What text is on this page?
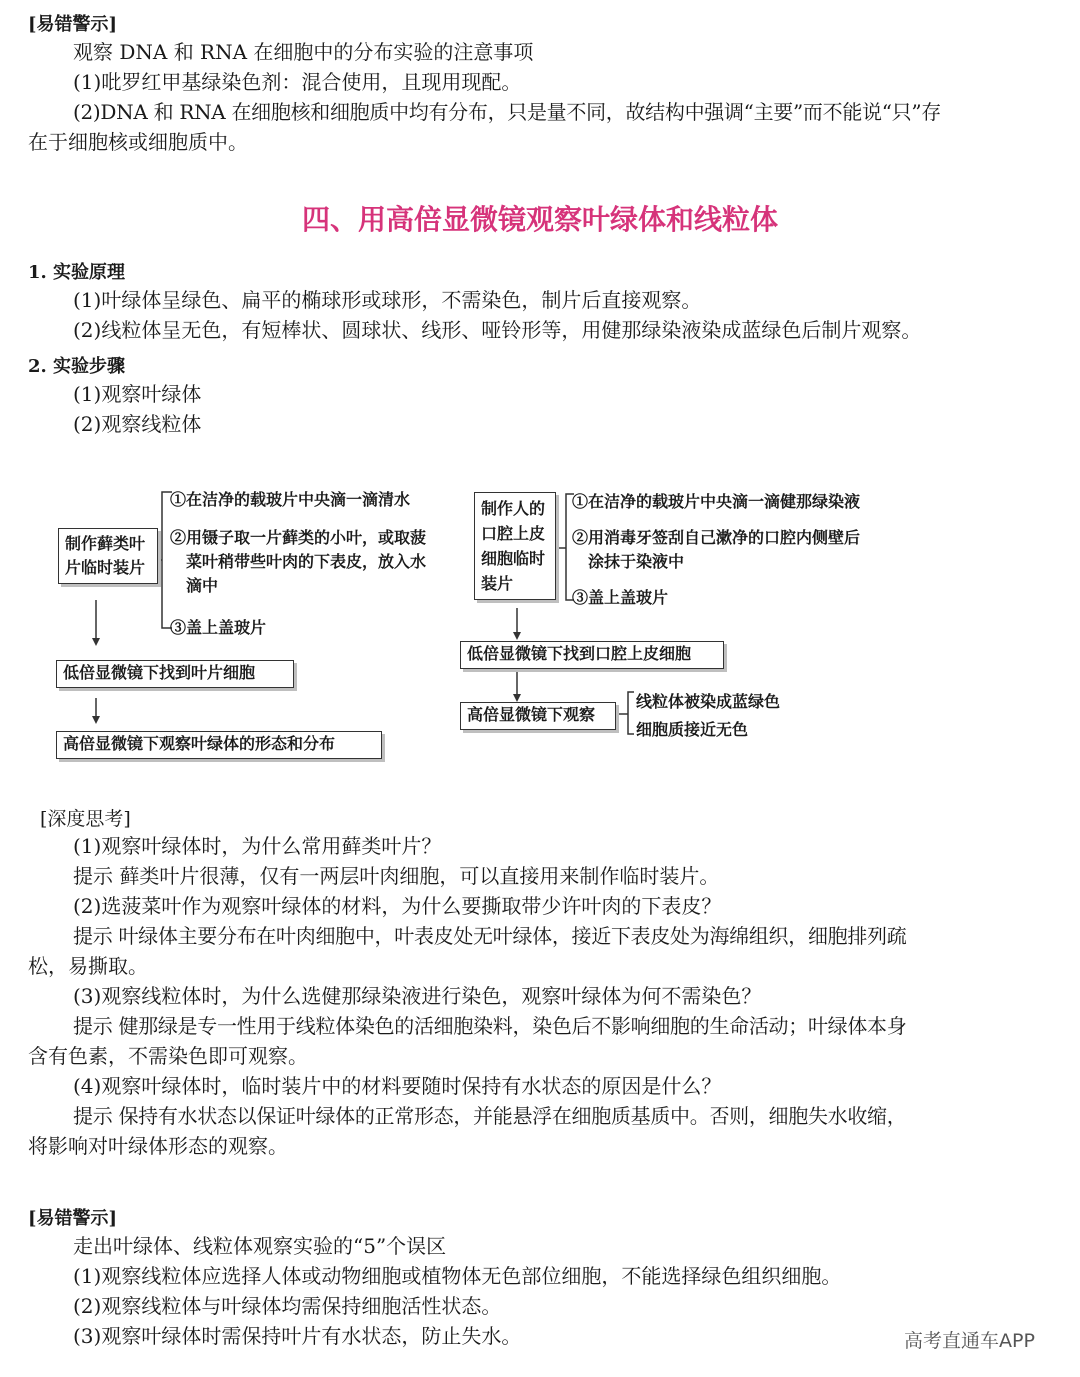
[易错警示]
观察 DNA 和 RNA 在细胞中的分布实验的注意事项
(1)吡罗红甲基绿染色剂：混合使用，且现用现配。
(2)DNA 和 RNA 在细胞核和细胞质中均有分布，只是量不同，故结构中强调“主要”而不能说“只”存
在于细胞核或细胞质中。
四、用高倍显微镜观察叶绿体和线粒体
1. 实验原理
(1)叶绿体呈绿色、扁平的椭球形或球形，不需染色，制片后直接观察。
(2)线粒体呈无色，有短棒状、圆球状、线形、哑铃形等，用健那绿染液染成蓝绿色后制片观察。
2. 实验步骤
(1)观察叶绿体
(2)观察线粒体
制作藓类叶
片临时装片
①在洁净的载玻片中央滴一滴清水
②用镊子取一片藓类的小叶，或取菠
菜叶稍带些叶肉的下表皮，放入水
滴中
③盖上盖玻片
低倍显微镜下找到叶片细胞
高倍显微镜下观察叶绿体的形态和分布
制作人的
口腔上皮
细胞临时
装片
①在洁净的载玻片中央滴一滴健那绿染液
②用消毒牙签刮自己漱净的口腔内侧壁后
涂抹于染液中
③盖上盖玻片
低倍显微镜下找到口腔上皮细胞
高倍显微镜下观察
线粒体被染成蓝绿色
细胞质接近无色
[深度思考]
(1)观察叶绿体时，为什么常用藓类叶片？
提示 藓类叶片很薄，仅有一两层叶肉细胞，可以直接用来制作临时装片。
(2)选菠菜叶作为观察叶绿体的材料，为什么要撕取带少许叶肉的下表皮？
提示 叶绿体主要分布在叶肉细胞中，叶表皮处无叶绿体，接近下表皮处为海绵组织，细胞排列疏
松，易撕取。
(3)观察线粒体时，为什么选健那绿染液进行染色，观察叶绿体为何不需染色？
提示 健那绿是专一性用于线粒体染色的活细胞染料，染色后不影响细胞的生命活动；叶绿体本身
含有色素，不需染色即可观察。
(4)观察叶绿体时，临时装片中的材料要随时保持有水状态的原因是什么？
提示 保持有水状态以保证叶绿体的正常形态，并能悬浮在细胞质基质中。否则，细胞失水收缩，
将影响对叶绿体形态的观察。
[易错警示]
走出叶绿体、线粒体观察实验的“5”个误区
(1)观察线粒体应选择人体或动物细胞或植物体无色部位细胞，不能选择绿色组织细胞。
(2)观察线粒体与叶绿体均需保持细胞活性状态。
(3)观察叶绿体时需保持叶片有水状态，防止失水。	高考直通车APP
